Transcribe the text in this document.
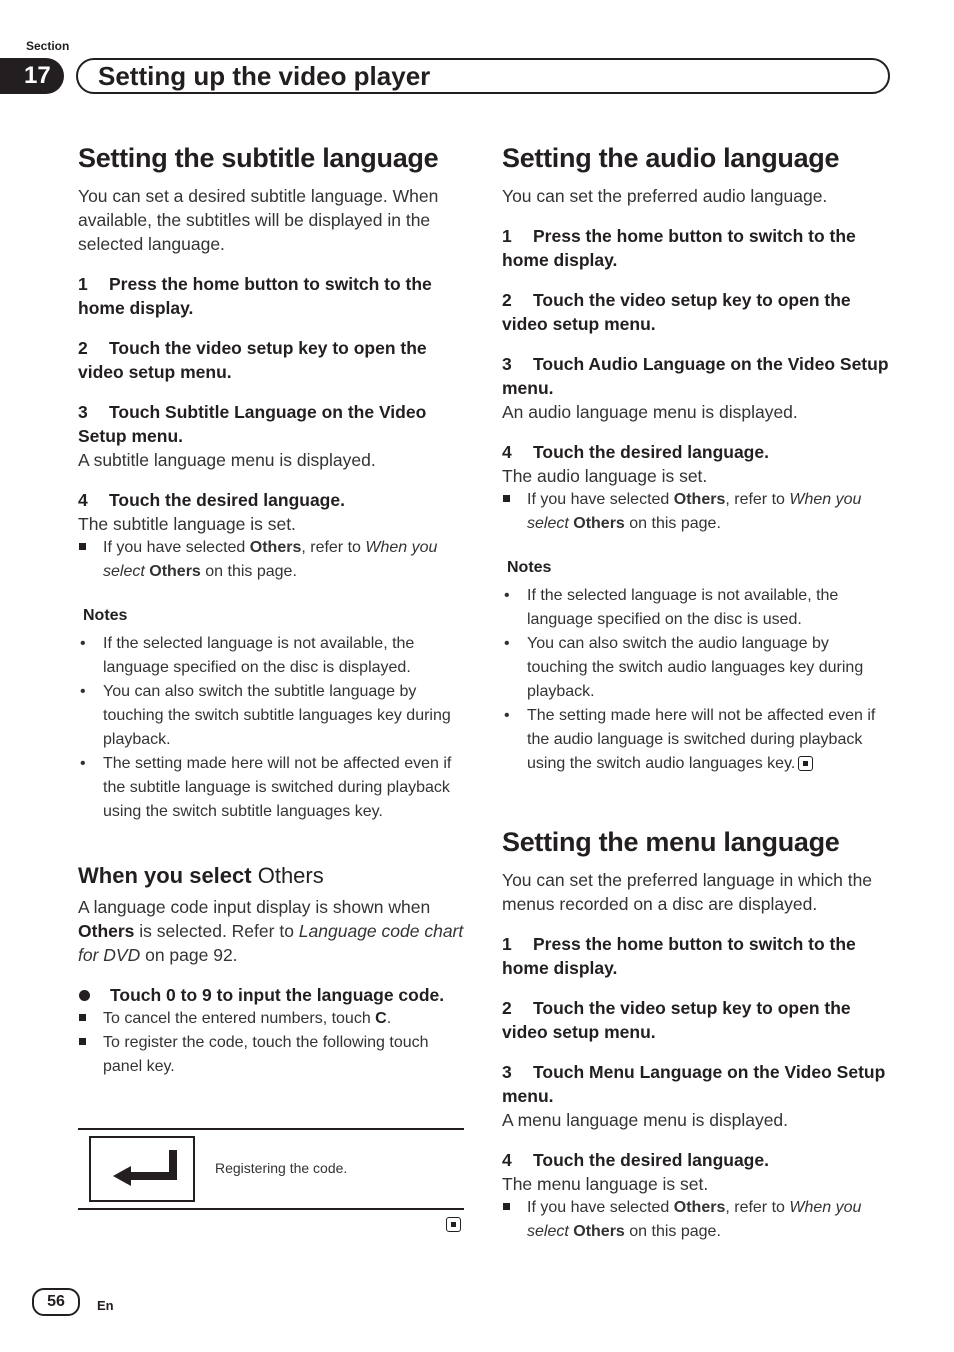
Section
17	Setting up the video player
Setting the subtitle language

You can set a desired subtitle language. When available, the subtitles will be displayed in the selected language.

1 Press the home button to switch to the home display.

2 Touch the video setup key to open the video setup menu.

3 Touch Subtitle Language on the Video Setup menu.

A subtitle language menu is displayed.

4 Touch the desired language.

The subtitle language is set.

If you have selected Others, refer to When you select Others on this page.

Notes

• If the selected language is not available, the language specified on the disc is displayed.
• You can also switch the subtitle language by touching the switch subtitle languages key during playback.
• The setting made here will not be affected even if the subtitle language is switched during playback using the switch subtitle languages key.
When you select Others

A language code input display is shown when Others is selected. Refer to Language code chart for DVD on page 92.

Touch 0 to 9 to input the language code.

To cancel the entered numbers, touch C.

To register the code, touch the following touch panel key.

Registering the code.
Setting the audio language

You can set the preferred audio language.

1 Press the home button to switch to the home display.

2 Touch the video setup key to open the video setup menu.

3 Touch Audio Language on the Video Setup menu.

An audio language menu is displayed.

4 Touch the desired language.

The audio language is set.

If you have selected Others, refer to When you select Others on this page.

Notes

• If the selected language is not available, the language specified on the disc is used.
• You can also switch the audio language by touching the switch audio languages key during playback.
• The setting made here will not be affected even if the audio language is switched during playback using the switch audio languages key.
Setting the menu language

You can set the preferred language in which the menus recorded on a disc are displayed.

1 Press the home button to switch to the home display.

2 Touch the video setup key to open the video setup menu.

3 Touch Menu Language on the Video Setup menu.

A menu language menu is displayed.

4 Touch the desired language.

The menu language is set.

If you have selected Others, refer to When you select Others on this page.

56	En
